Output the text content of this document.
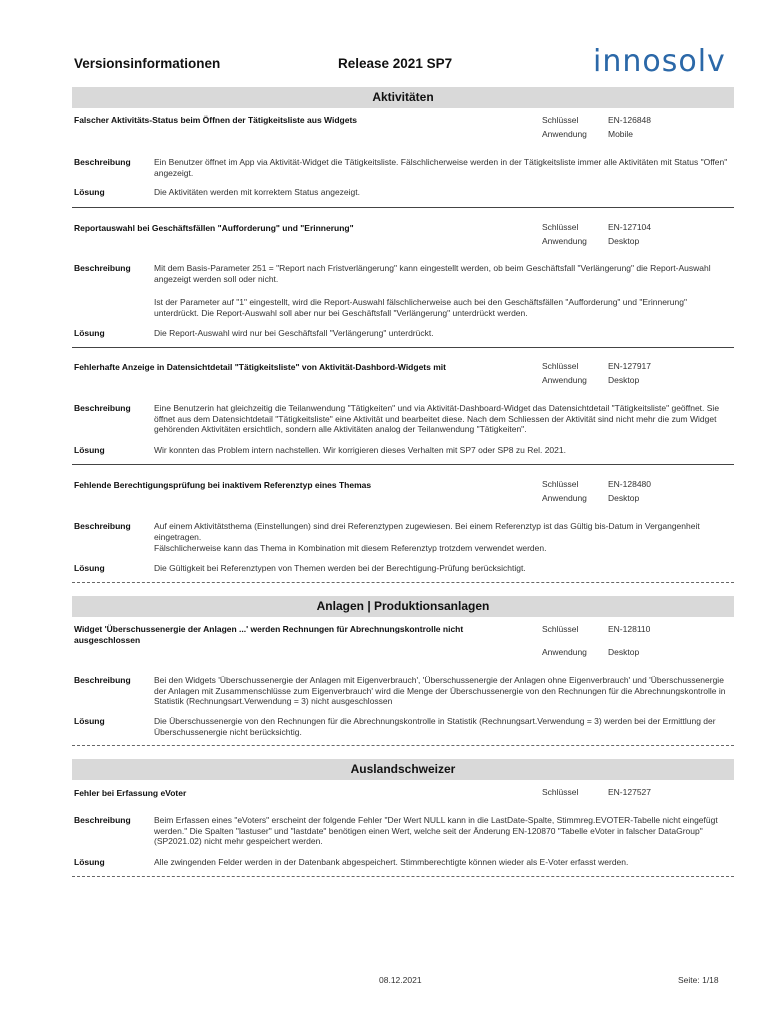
Versionsinformationen	Release 2021 SP7	innosolv
Aktivitäten
Falscher Aktivitäts-Status beim Öffnen der Tätigkeitsliste aus Widgets	Schlüssel	EN-126848
Anwendung Mobile
Beschreibung	Ein Benutzer öffnet im App via Aktivität-Widget die Tätigkeitsliste. Fälschlicherweise werden in der Tätigkeitsliste immer alle Aktivitäten mit Status "Offen" angezeigt.
Lösung	Die Aktivitäten werden mit korrektem Status angezeigt.
Reportauswahl bei Geschäftsfällen "Aufforderung" und "Erinnerung"	Schlüssel	EN-127104
Anwendung Desktop
Beschreibung	Mit dem Basis-Parameter 251 = "Report nach Fristverlängerung" kann eingestellt werden, ob beim Geschäftsfall "Verlängerung" die Report-Auswahl angezeigt werden soll oder nicht.
Ist der Parameter auf "1" eingestellt, wird die Report-Auswahl fälschlicherweise auch bei den Geschäftsfällen "Aufforderung" und "Erinnerung" unterdrückt. Die Report-Auswahl soll aber nur bei Geschäftsfall "Verlängerung" unterdrückt werden.
Lösung	Die Report-Auswahl wird nur bei Geschäftsfall "Verlängerung" unterdrückt.
Fehlerhafte Anzeige in Datensichtdetail "Tätigkeitsliste" von Aktivität-Dashbord-Widgets mit	Schlüssel	EN-127917
Anwendung Desktop
Beschreibung	Eine Benutzerin hat gleichzeitig die Teilanwendung "Tätigkeiten" und via Aktivität-Dashboard-Widget das Datensichtdetail "Tätigkeitsliste" geöffnet. Sie öffnet aus dem Datensichtdetail "Tätigkeitsliste" eine Aktivität und bearbeitet diese. Nach dem Schliessen der Aktivität sind nicht mehr die zum Widget gehörenden Aktivitäten ersichtlich, sondern alle Aktivitäten analog der Teilanwendung "Tätigkeiten".
Lösung	Wir konnten das Problem intern nachstellen. Wir korrigieren dieses Verhalten mit SP7 oder SP8 zu Rel. 2021.
Fehlende Berechtigungsprüfung bei inaktivem Referenztyp eines Themas	Schlüssel	EN-128480
Anwendung Desktop
Beschreibung	Auf einem Aktivitätsthema (Einstellungen) sind drei Referenztypen zugewiesen. Bei einem Referenztyp ist das Gültig bis-Datum in Vergangenheit eingetragen.
Fälschlicherweise kann das Thema in Kombination mit diesem Referenztyp trotzdem verwendet werden.
Lösung	Die Gültigkeit bei Referenztypen von Themen werden bei der Berechtigung-Prüfung berücksichtigt.
Anlagen | Produktionsanlagen
Widget 'Überschussenergie der Anlagen ...' werden Rechnungen für Abrechnungskontrolle nicht ausgeschlossen
Schlüssel	EN-128110
Anwendung Desktop
Beschreibung	Bei den Widgets 'Überschussenergie der Anlagen mit Eigenverbrauch', 'Überschussenergie der Anlagen ohne Eigenverbrauch' und 'Überschussenergie der Anlagen mit Zusammenschlüsse zum Eigenverbrauch' wird die Menge der Überschussenergie von den Rechnungen für die Abrechnungskontrolle in Statistik (Rechnungsart.Verwendung = 3) nicht ausgeschlossen
Lösung	Die Überschussenergie von den Rechnungen für die Abrechnungskontrolle in Statistik (Rechnungsart.Verwendung = 3) werden bei der Ermittlung der Überschussenergie nicht berücksichtig.
Auslandschweizer
Fehler bei Erfassung eVoter	Schlüssel	EN-127527
Beschreibung	Beim Erfassen eines "eVoters" erscheint der folgende Fehler "Der Wert NULL kann in die LastDate-Spalte, Stimmreg.EVOTER-Tabelle nicht eingefügt werden." Die Spalten "lastuser" und "lastdate" benötigen einen Wert, welche seit der Änderung EN-120870 "Tabelle eVoter in falscher DataGroup" (SP2021.02) nicht mehr gespeichert werden.
Lösung	Alle zwingenden Felder werden in der Datenbank abgespeichert. Stimmberechtigte können wieder als E-Voter erfasst werden.
08.12.2021	Seite: 1/18
